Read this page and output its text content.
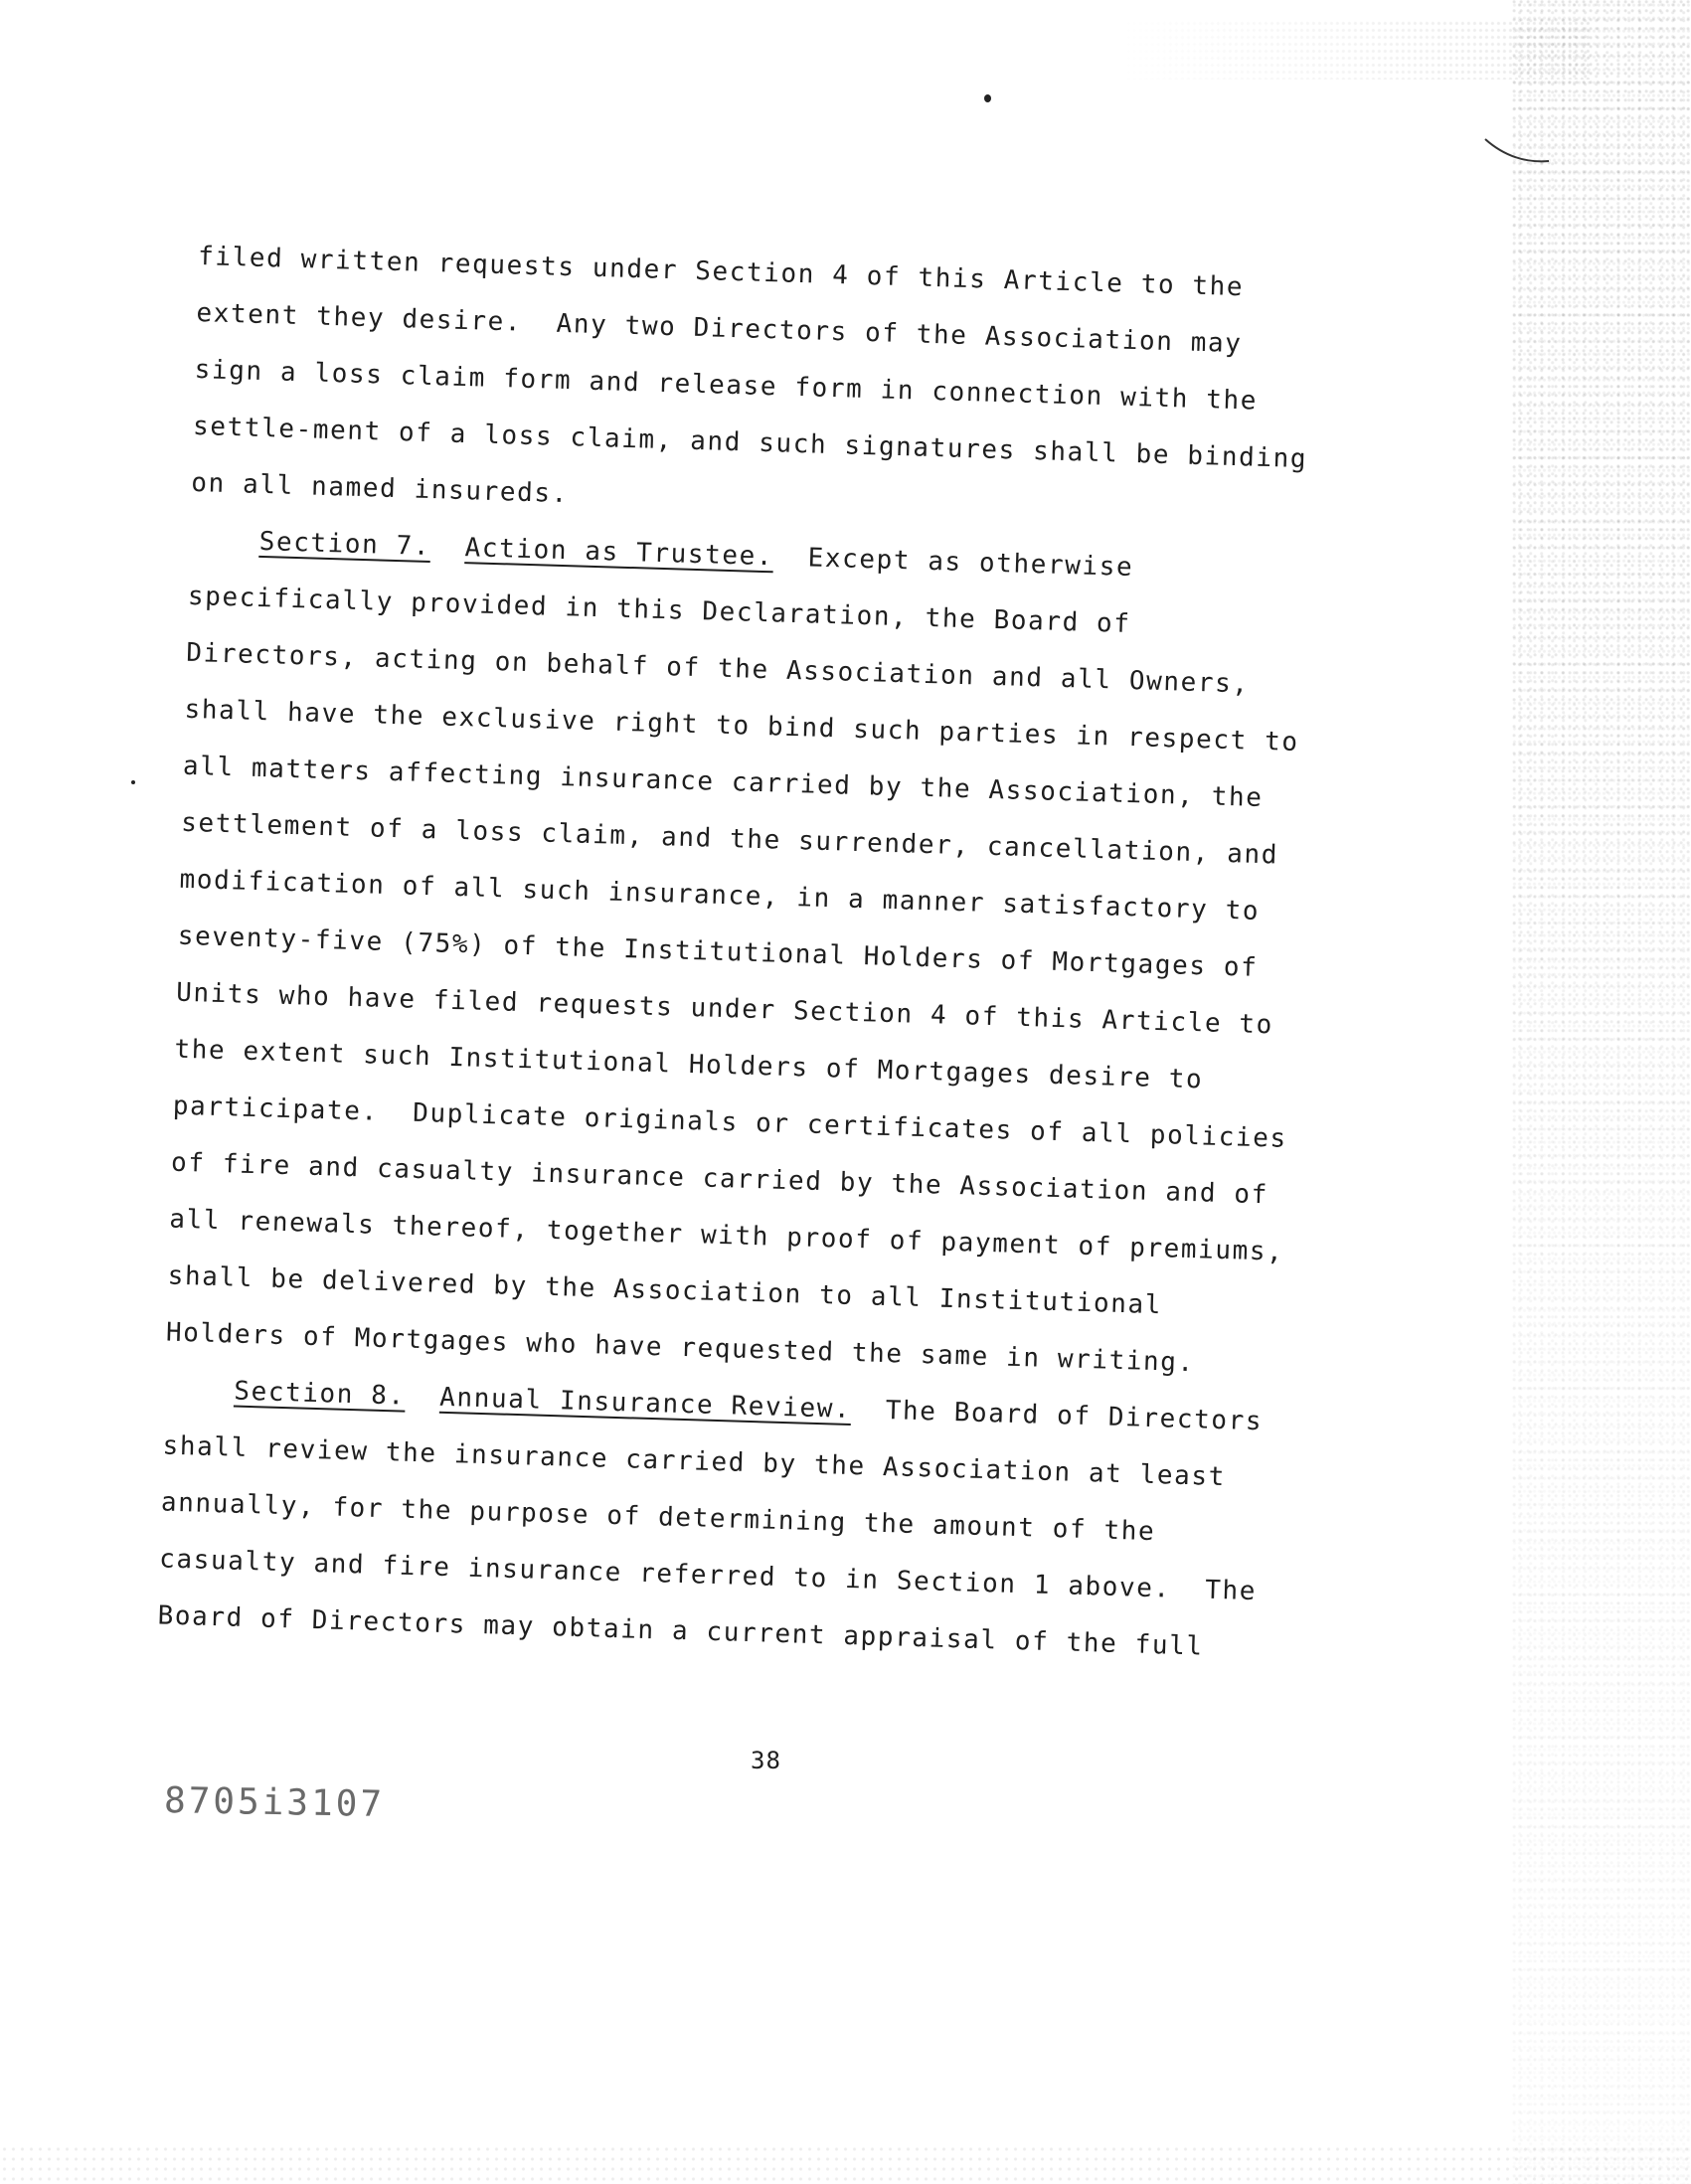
filed written requests under Section 4 of this Article to the
extent they desire.  Any two Directors of the Association may
sign a loss claim form and release form in connection with the
settle-ment of a loss claim, and such signatures shall be binding
on all named insureds.
Section 7. Action as Trustee. Except as otherwise
specifically provided in this Declaration, the Board of
Directors, acting on behalf of the Association and all Owners,
shall have the exclusive right to bind such parties in respect to
all matters affecting insurance carried by the Association, the
settlement of a loss claim, and the surrender, cancellation, and
modification of all such insurance, in a manner satisfactory to
seventy-five (75%) of the Institutional Holders of Mortgages of
Units who have filed requests under Section 4 of this Article to
the extent such Institutional Holders of Mortgages desire to
participate.  Duplicate originals or certificates of all policies
of fire and casualty insurance carried by the Association and of
all renewals thereof, together with proof of payment of premiums,
shall be delivered by the Association to all Institutional
Holders of Mortgages who have requested the same in writing.
Section 8. Annual Insurance Review. The Board of Directors
shall review the insurance carried by the Association at least
annually, for the purpose of determining the amount of the
casualty and fire insurance referred to in Section 1 above.  The
Board of Directors may obtain a current appraisal of the full
38
8705i3107
